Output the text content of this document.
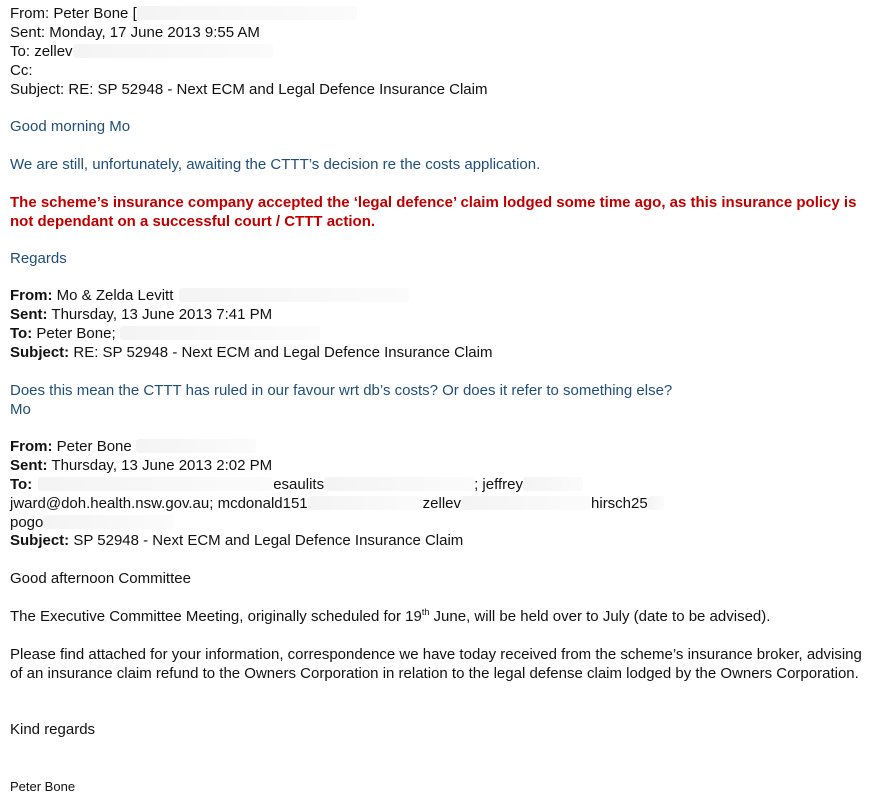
From: Peter Bone [
Sent: Monday, 17 June 2013 9:55 AM
To: zellev
Cc:
Subject: RE: SP 52948 - Next ECM and Legal Defence Insurance Claim
Good morning Mo
We are still, unfortunately, awaiting the CTTT’s decision re the costs application.
The scheme’s insurance company accepted the ‘legal defence’ claim lodged some time ago, as this insurance policy is not dependant on a successful court / CTTT action.
Regards
From: Mo & Zelda Levitt
Sent: Thursday, 13 June 2013 7:41 PM
To: Peter Bone;
Subject: RE: SP 52948 - Next ECM and Legal Defence Insurance Claim
Does this mean the CTTT has ruled in our favour wrt db’s costs? Or does it refer to something else?
Mo
From: Peter Bone
Sent: Thursday, 13 June 2013 2:02 PM
To:	esaulits	; jeffrey
jward@doh.health.nsw.gov.au; mcdonald151	zellev	hirsch25
pogo
Subject: SP 52948 - Next ECM and Legal Defence Insurance Claim
Good afternoon Committee
The Executive Committee Meeting, originally scheduled for 19th June, will be held over to July (date to be advised).
Please find attached for your information, correspondence we have today received from the scheme’s insurance broker, advising of an insurance claim refund to the Owners Corporation in relation to the legal defense claim lodged by the Owners Corporation.
Kind regards
Peter Bone
